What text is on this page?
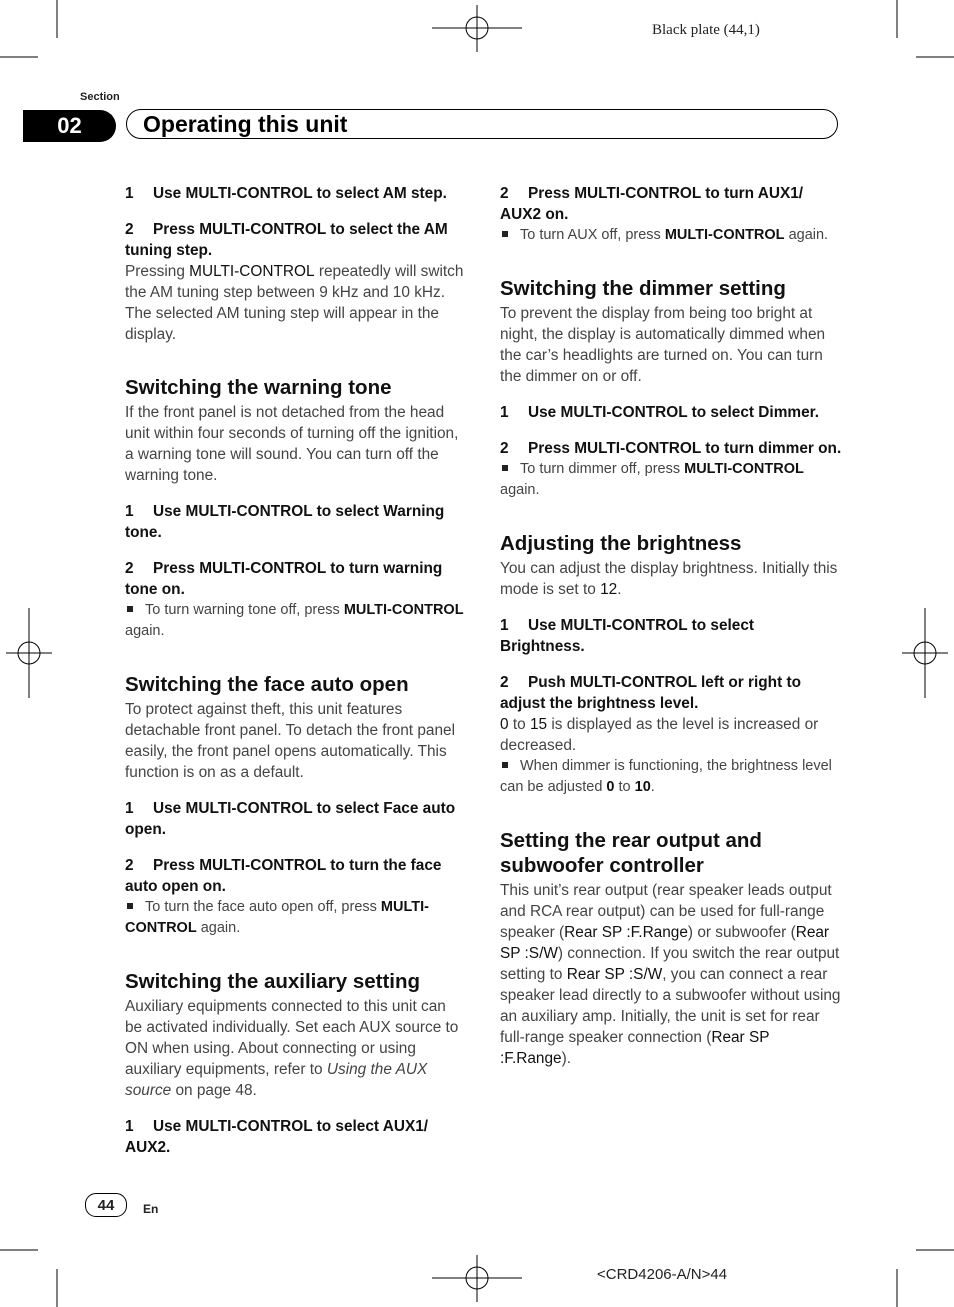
Black plate (44,1)
Section
02	Operating this unit

1 Use MULTI-CONTROL to select AM step.

2 Press MULTI-CONTROL to select the AM tuning step.

Pressing MULTI-CONTROL repeatedly will switch the AM tuning step between 9 kHz and 10 kHz. The selected AM tuning step will appear in the display.

Switching the warning tone

If the front panel is not detached from the head unit within four seconds of turning off the ignition, a warning tone will sound. You can turn off the warning tone.

1 Use MULTI-CONTROL to select Warning tone.

2 Press MULTI-CONTROL to turn warning tone on.

To turn warning tone off, press MULTI-CONTROL again.

Switching the face auto open

To protect against theft, this unit features detachable front panel. To detach the front panel easily, the front panel opens automatically. This function is on as a default.

1 Use MULTI-CONTROL to select Face auto open.

2 Press MULTI-CONTROL to turn the face auto open on.

To turn the face auto open off, press MULTI-CONTROL again.

Switching the auxiliary setting

Auxiliary equipments connected to this unit can be activated individually. Set each AUX source to ON when using. About connecting or using auxiliary equipments, refer to Using the AUX source on page 48.

1 Use MULTI-CONTROL to select AUX1/ AUX2.

2 Press MULTI-CONTROL to turn AUX1/ AUX2 on.

To turn AUX off, press MULTI-CONTROL again.

Switching the dimmer setting

To prevent the display from being too bright at night, the display is automatically dimmed when the car’s headlights are turned on. You can turn the dimmer on or off.

1 Use MULTI-CONTROL to select Dimmer.

2 Press MULTI-CONTROL to turn dimmer on.

To turn dimmer off, press MULTI-CONTROL again.

Adjusting the brightness

You can adjust the display brightness. Initially this mode is set to 12.

1 Use MULTI-CONTROL to select Brightness.

2 Push MULTI-CONTROL left or right to adjust the brightness level.

0 to 15 is displayed as the level is increased or decreased.

When dimmer is functioning, the brightness level can be adjusted 0 to 10.

Setting the rear output and subwoofer controller

This unit’s rear output (rear speaker leads output and RCA rear output) can be used for full-range speaker (Rear SP :F.Range) or subwoofer (Rear SP :S/W) connection. If you switch the rear output setting to Rear SP :S/W, you can connect a rear speaker lead directly to a subwoofer without using an auxiliary amp. Initially, the unit is set for rear full-range speaker connection (Rear SP :F.Range).

44	En
<CRD4206-A/N>44
